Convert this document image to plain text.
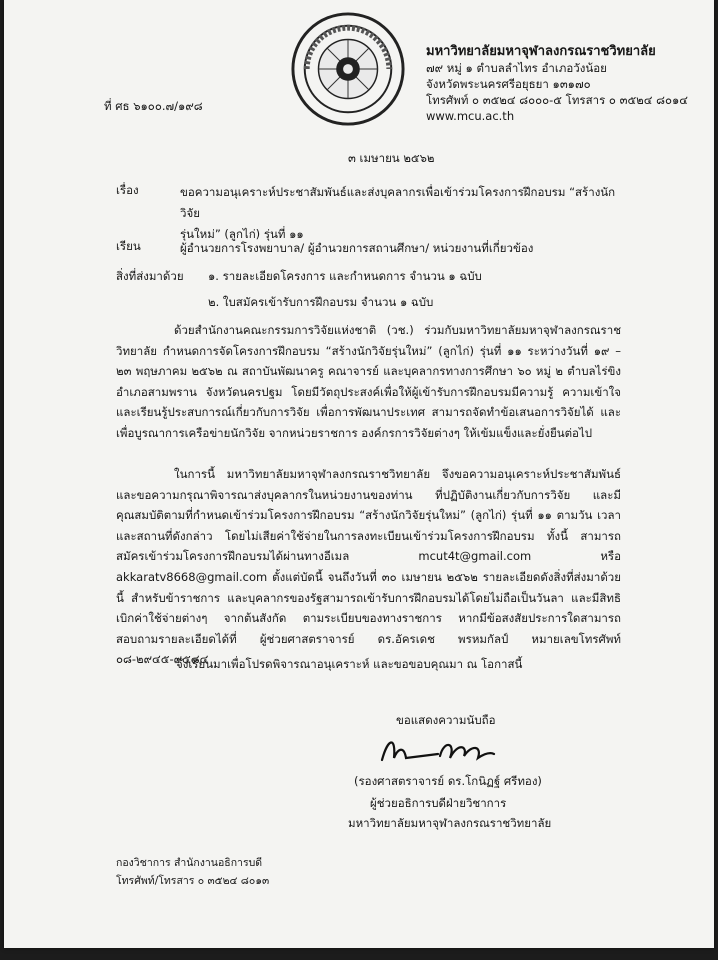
มหาวิทยาลัยมหาจุฬาลงกรณราชวิทยาลัย
๗๙ หมู่ ๑ ตำบลลำไทร อำเภอวังน้อย
จังหวัดพระนครศรีอยุธยา ๑๓๑๗๐
โทรศัพท์ ๐ ๓๕๒๔ ๘๐๐๐-๕ โทรสาร ๐ ๓๕๒๔ ๘๐๑๔
www.mcu.ac.th
ที่ ศธ ๖๑๐๐.๗/๑๙๘
๓ เมษายน ๒๕๖๒
เรื่อง	ขอความอนุเคราะห์ประชาสัมพันธ์และส่งบุคลากรเพื่อเข้าร่วมโครงการฝึกอบรม “สร้างนักวิจัย
รุ่นใหม่” (ลูกไก่) รุ่นที่ ๑๑
เรียน	ผู้อำนวยการโรงพยาบาล/ ผู้อำนวยการสถานศึกษา/ หน่วยงานที่เกี่ยวข้อง
สิ่งที่ส่งมาด้วย ๑. รายละเอียดโครงการ และกำหนดการ จำนวน ๑ ฉบับ
๒. ใบสมัครเข้ารับการฝึกอบรม จำนวน ๑ ฉบับ
ด้วยสำนักงานคณะกรรมการวิจัยแห่งชาติ (วช.) ร่วมกับมหาวิทยาลัยมหาจุฬาลงกรณราชวิทยาลัย กำหนดการจัดโครงการฝึกอบรม “สร้างนักวิจัยรุ่นใหม่” (ลูกไก่) รุ่นที่ ๑๑ ระหว่างวันที่ ๑๙ – ๒๓ พฤษภาคม ๒๕๖๒ ณ สถาบันพัฒนาครู คณาจารย์ และบุคลากรทางการศึกษา ๖๐ หมู่ ๒ ตำบลไร่ขิง อำเภอสามพราน จังหวัดนครปฐม โดยมีวัตถุประสงค์เพื่อให้ผู้เข้ารับการฝึกอบรมมีความรู้ ความเข้าใจ และเรียนรู้ประสบการณ์เกี่ยวกับการวิจัย เพื่อการพัฒนาประเทศ สามารถจัดทำข้อเสนอการวิจัยได้ และเพื่อบูรณาการเครือข่ายนักวิจัย จากหน่วยราชการ องค์กรการวิจัยต่างๆ ให้เข้มแข็งและยั่งยืนต่อไป
ในการนี้ มหาวิทยาลัยมหาจุฬาลงกรณราชวิทยาลัย จึงขอความอนุเคราะห์ประชาสัมพันธ์และขอความกรุณาพิจารณาส่งบุคลากรในหน่วยงานของท่าน ที่ปฏิบัติงานเกี่ยวกับการวิจัย และมีคุณสมบัติตามที่กำหนดเข้าร่วมโครงการฝึกอบรม “สร้างนักวิจัยรุ่นใหม่” (ลูกไก่) รุ่นที่ ๑๑ ตามวัน เวลา และสถานที่ดังกล่าว โดยไม่เสียค่าใช้จ่ายในการลงทะเบียนเข้าร่วมโครงการฝึกอบรม ทั้งนี้ สามารถสมัครเข้าร่วมโครงการฝึกอบรมได้ผ่านทางอีเมล mcut4t@gmail.com หรือ akkaratv8668@gmail.com ตั้งแต่บัดนี้ จนถึงวันที่ ๓๐ เมษายน ๒๕๖๒ รายละเอียดดังสิ่งที่ส่งมาด้วยนี้ สำหรับข้าราชการ และบุคลากรของรัฐสามารถเข้ารับการฝึกอบรมได้โดยไม่ถือเป็นวันลา และมีสิทธิเบิกค่าใช้จ่ายต่างๆ จากต้นสังกัด ตามระเบียบของทางราชการ หากมีข้อสงสัยประการใดสามารถสอบถามรายละเอียดได้ที่ ผู้ช่วยศาสตราจารย์ ดร.อัครเดช พรหมกัลป์ หมายเลขโทรศัพท์ ๐๘-๒๙๔๕-๙๕๘๔
จึงเรียนมาเพื่อโปรดพิจารณาอนุเคราะห์ และขอขอบคุณมา ณ โอกาสนี้
ขอแสดงความนับถือ
(รองศาสตราจารย์ ดร.โกนิฏฐ์ ศรีทอง)
ผู้ช่วยอธิการบดีฝ่ายวิชาการ
มหาวิทยาลัยมหาจุฬาลงกรณราชวิทยาลัย
กองวิชาการ สำนักงานอธิการบดี
โทรศัพท์/โทรสาร ๐ ๓๕๒๔ ๘๐๑๓
